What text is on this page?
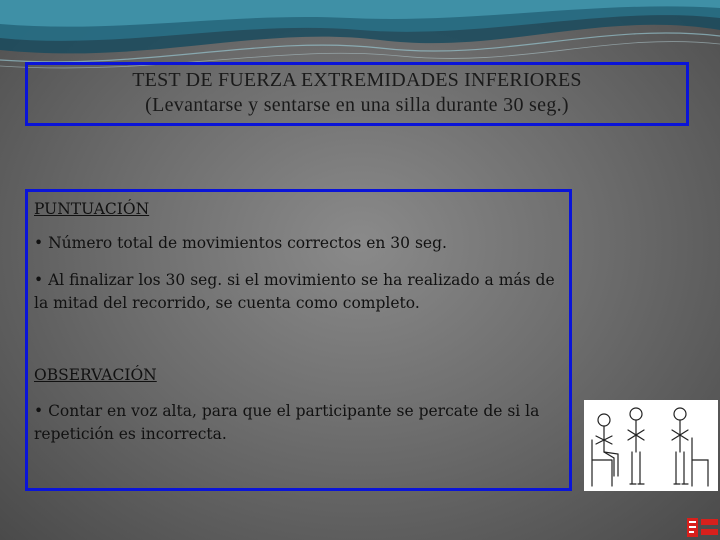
TEST DE FUERZA EXTREMIDADES INFERIORES
(Levantarse y sentarse en una silla durante 30 seg.)
PUNTUACIÓN
• Número total de movimientos correctos en 30 seg.
• Al finalizar los 30 seg. si el movimiento se ha realizado a más de la mitad del recorrido, se cuenta como completo.
OBSERVACIÓN
• Contar en voz alta, para que el participante se percate de si la repetición es incorrecta.
